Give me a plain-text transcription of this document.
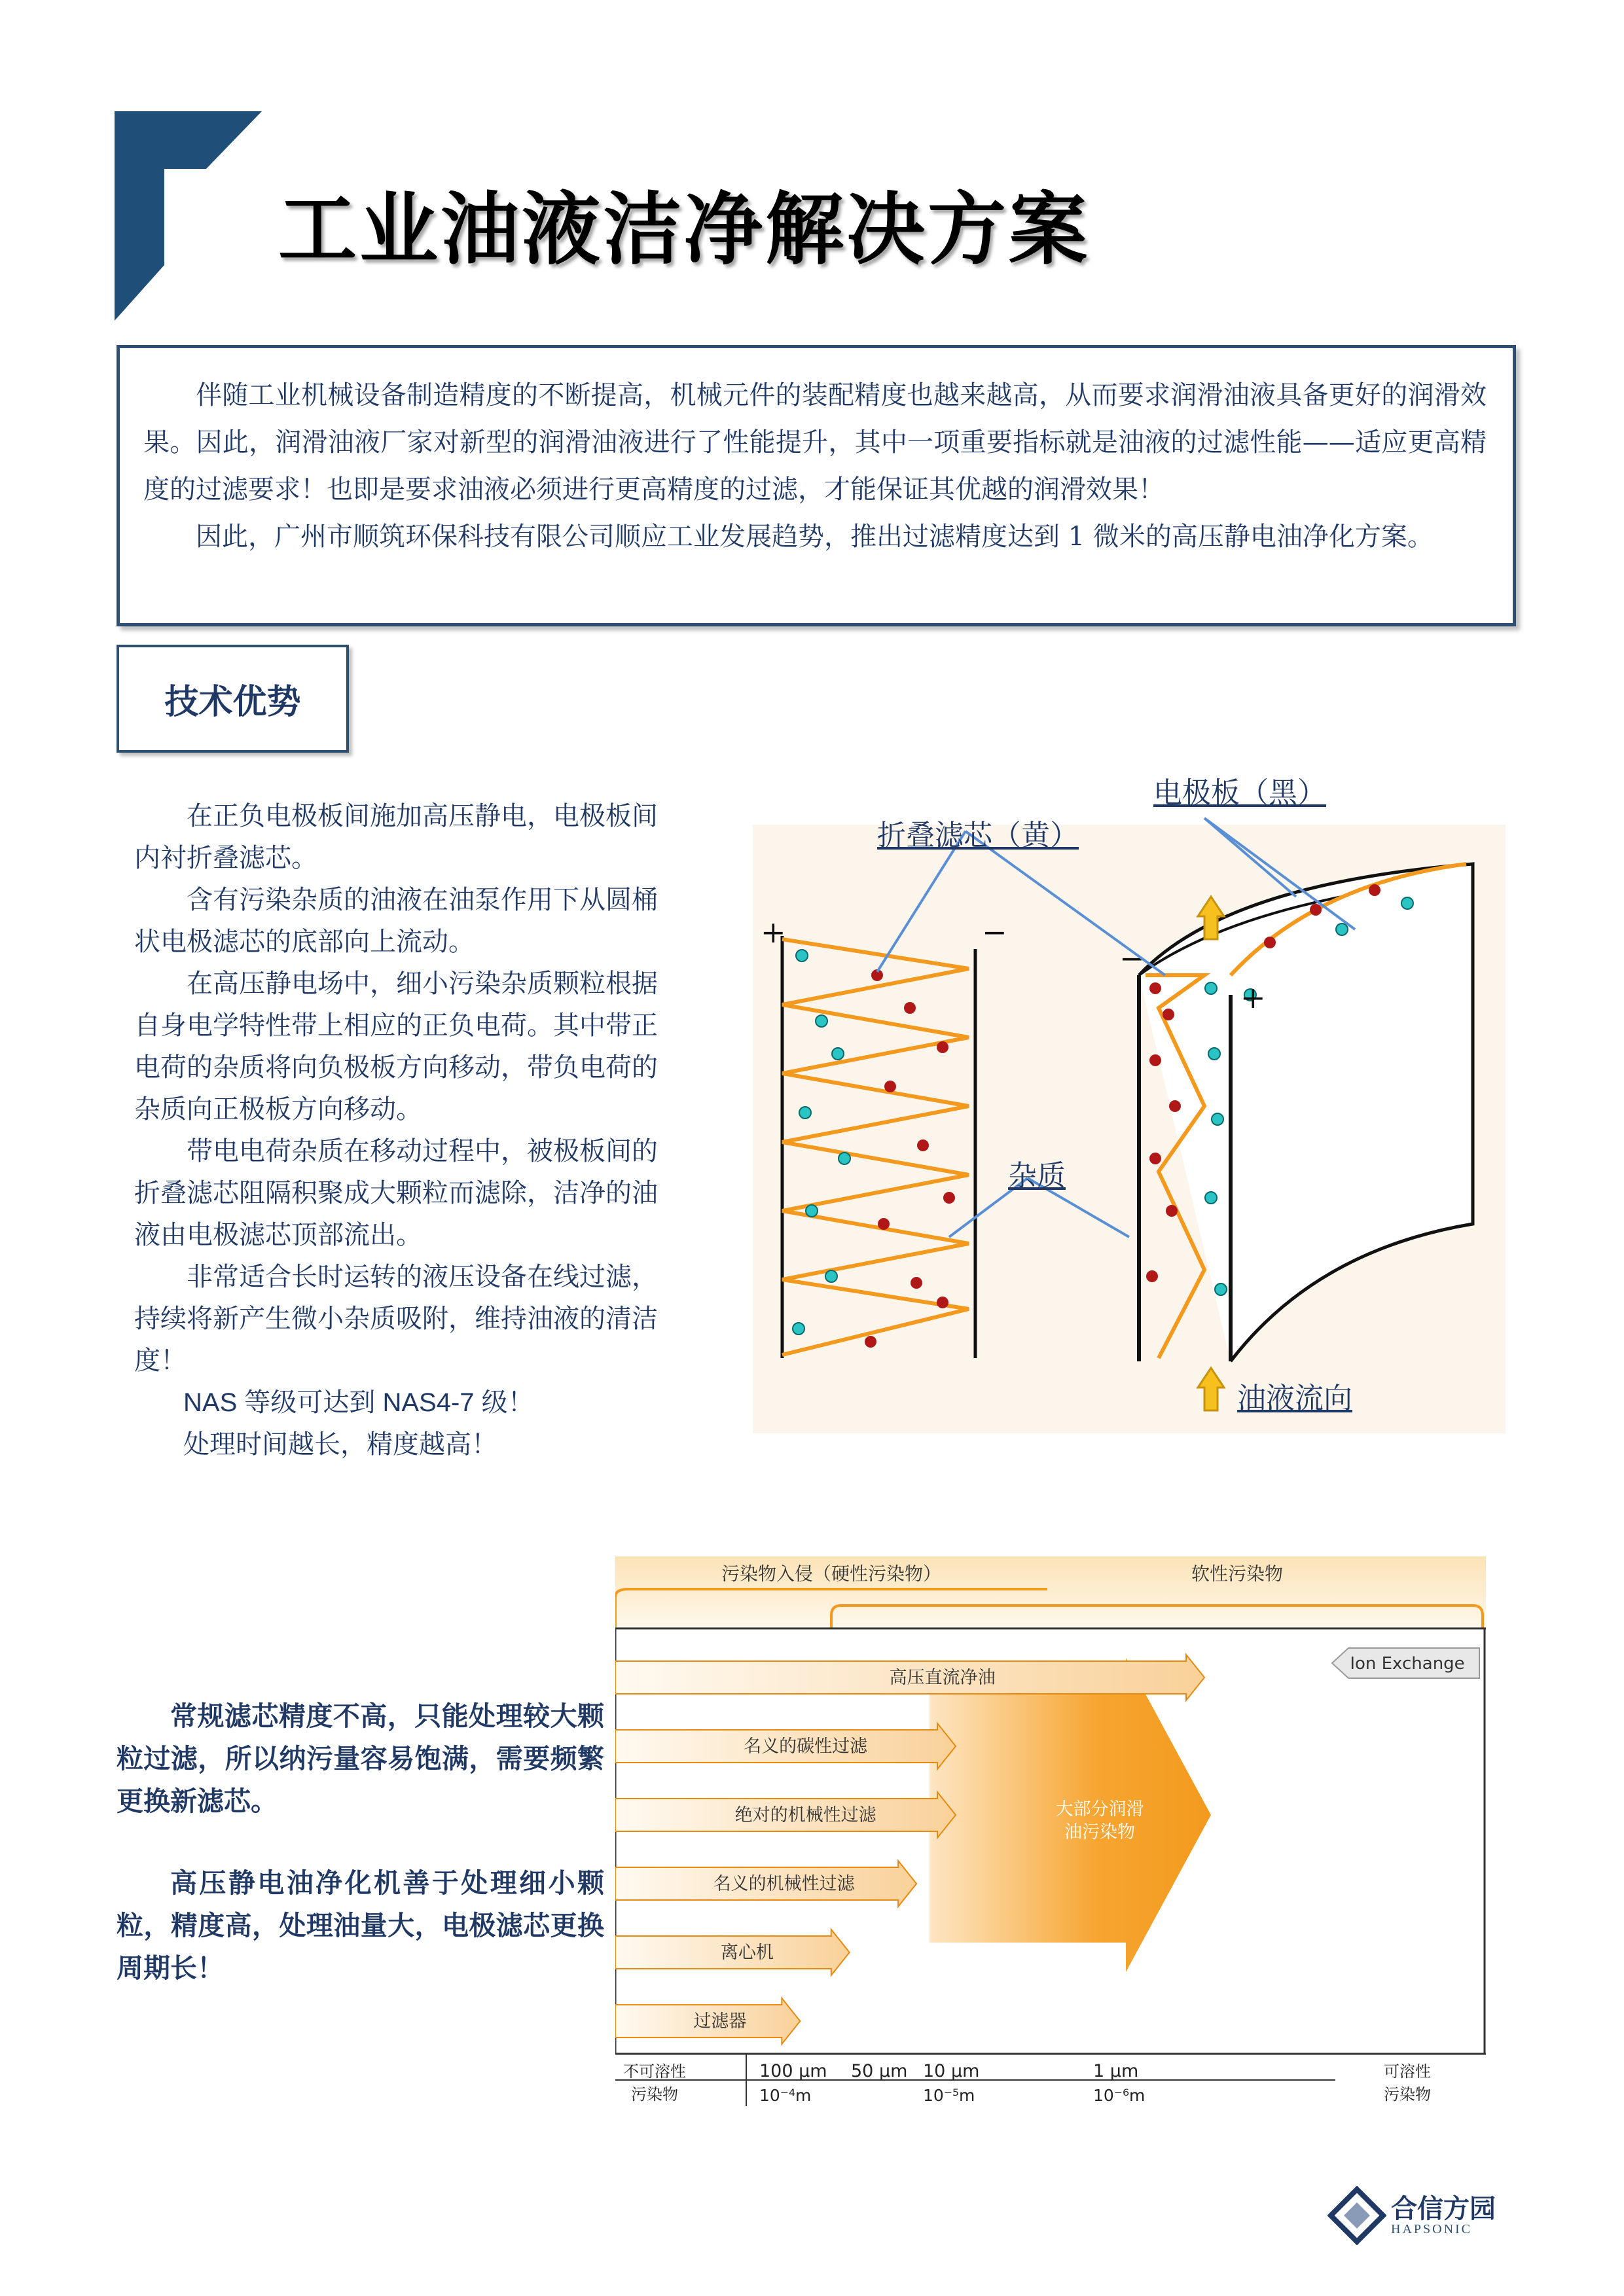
工业油液洁净解决方案

伴随工业机械设备制造精度的不断提高，机械元件的装配精度也越来越高，从而要求润滑油液具备更好的润滑效果。因此，润滑油液厂家对新型的润滑油液进行了性能提升，其中一项重要指标就是油液的过滤性能——适应更高精度的过滤要求！也即是要求油液必须进行更高精度的过滤，才能保证其优越的润滑效果！

因此，广州市顺筑环保科技有限公司顺应工业发展趋势，推出过滤精度达到 1 微米的高压静电油净化方案。

技术优势

在正负电极板间施加高压静电，电极板间内衬折叠滤芯。

含有污染杂质的油液在油泵作用下从圆桶状电极滤芯的底部向上流动。

在高压静电场中，细小污染杂质颗粒根据自身电学特性带上相应的正负电荷。其中带正电荷的杂质将向负极板方向移动，带负电荷的杂质向正极板方向移动。

带电电荷杂质在移动过程中，被极板间的折叠滤芯阻隔积聚成大颗粒而滤除，洁净的油液由电极滤芯顶部流出。

非常适合长时运转的液压设备在线过滤，持续将新产生微小杂质吸附，维持油液的清洁度！

NAS 等级可达到 NAS4-7 级！

处理时间越长，精度越高！

+	−
−
+
电极板（黑）
折叠滤芯（黄）
杂质
油液流向

常规滤芯精度不高，只能处理较大颗粒过滤，所以纳污量容易饱满，需要频繁更换新滤芯。

高压静电油净化机善于处理细小颗粒，精度高，处理油量大，电极滤芯更换周期长！

污染物入侵（硬性污染物）	软性污染物
大部分润滑
油污染物
Ion Exchange
高压直流净油
名义的碳性过滤
绝对的机械性过滤
名义的机械性过滤
离心机
过滤器
不可溶性
污染物
可溶性
污染物
100 μm 50 μm 10 μm	1 μm
10⁻⁴m	10⁻⁵m	10⁻⁶m
合信方园
HAPSONIC
